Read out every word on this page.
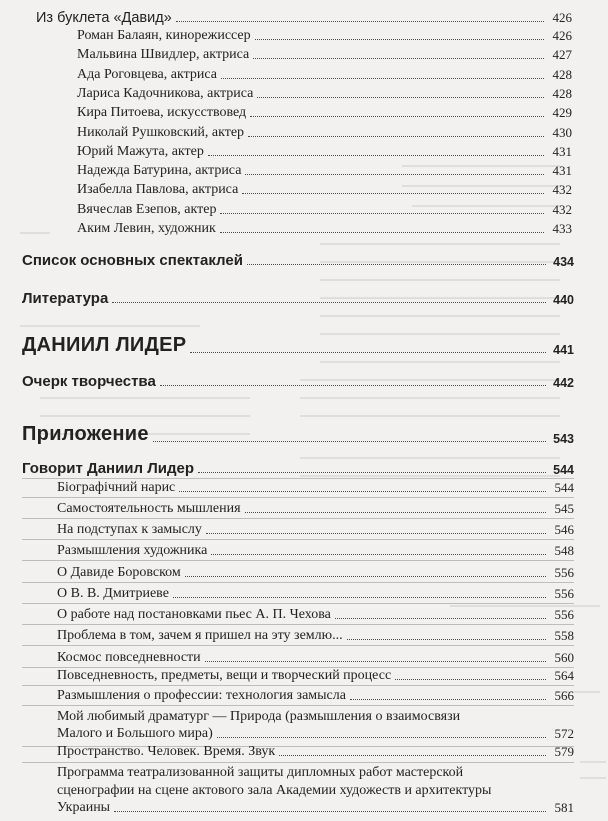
Из буклета «Давид»	426
Роман Балаян, кинорежиссер	426
Мальвина Швидлер, актриса	427
Ада Роговцева, актриса	428
Лариса Кадочникова, актриса	428
Кира Питоева, искусствовед	429
Николай Рушковский, актер	430
Юрий Мажута, актер	431
Надежда Батурина, актриса	431
Изабелла Павлова, актриса	432
Вячеслав Езепов, актер	432
Аким Левин, художник	433
Список основных спектаклей	434
Литература	440
ДАНИИЛ ЛИДЕР	441
Очерк творчества	442
Приложение	543
Говорит Даниил Лидер	544
Біографічний нарис	544
Самостоятельность мышления	545
На подступах к замыслу	546
Размышления художника	548
О Давиде Боровском	556
О В. В. Дмитриеве	556
О работе над постановками пьес А. П. Чехова	556
Проблема в том, зачем я пришел на эту землю...	558
Космос повседневности	560
Повседневность, предметы, вещи и творческий процесс	564
Размышления о профессии: технология замысла	566
Мой любимый драматург — Природа (размышления о взаимосвязи
Малого и Большого мира)	572
Пространство. Человек. Время. Звук	579
Программа театрализованной защиты дипломных работ мастерской
сценографии на сцене актового зала Академии художеств и архитектуры
Украины	581
